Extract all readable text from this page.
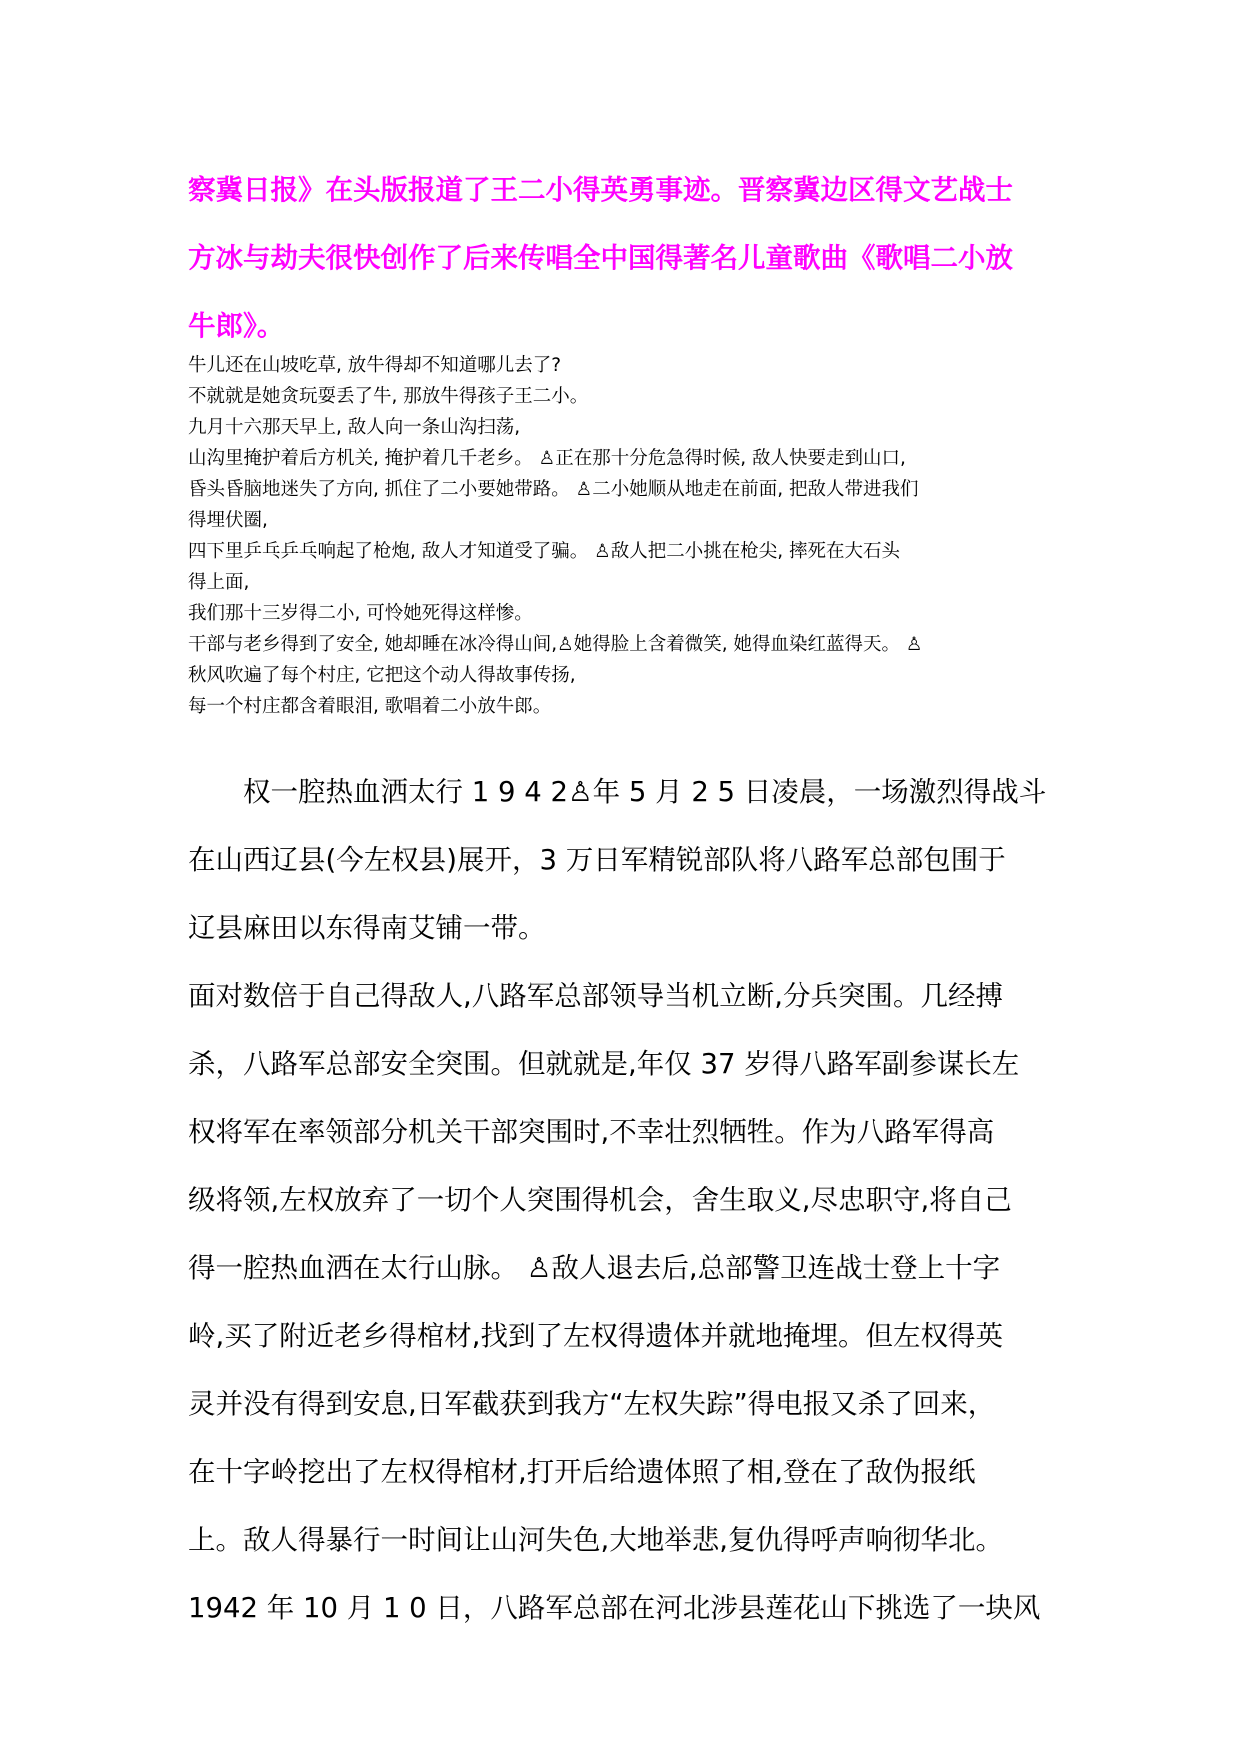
察冀日报》在头版报道了王二小得英勇事迹。晋察冀边区得文艺战士

方冰与劫夫很快创作了后来传唱全中国得著名儿童歌曲《歌唱二小放

牛郎》。

牛儿还在山坡吃草, 放牛得却不知道哪儿去了?

不就就是她贪玩耍丢了牛, 那放牛得孩子王二小。

九月十六那天早上, 敌人向一条山沟扫荡,

山沟里掩护着后方机关, 掩护着几千老乡。 ♙正在那十分危急得时候, 敌人快要走到山口,

昏头昏脑地迷失了方向, 抓住了二小要她带路。 ♙二小她顺从地走在前面, 把敌人带进我们

得埋伏圈,

四下里乒乓乒乓响起了枪炮, 敌人才知道受了骗。 ♙敌人把二小挑在枪尖, 摔死在大石头

得上面,

我们那十三岁得二小, 可怜她死得这样惨。

干部与老乡得到了安全, 她却睡在冰冷得山间,♙她得脸上含着微笑, 她得血染红蓝得天。 ♙

秋风吹遍了每个村庄, 它把这个动人得故事传扬,

每一个村庄都含着眼泪, 歌唱着二小放牛郎。

权一腔热血洒太行 1 9 4 2♙年 5 月 2 5 日凌晨，一场激烈得战斗

在山西辽县(今左权县)展开，3 万日军精锐部队将八路军总部包围于

辽县麻田以东得南艾铺一带。

面对数倍于自己得敌人,八路军总部领导当机立断,分兵突围。几经搏

杀，八路军总部安全突围。但就就是,年仅 37 岁得八路军副参谋长左

权将军在率领部分机关干部突围时,不幸壮烈牺牲。作为八路军得高

级将领,左权放弃了一切个人突围得机会，舍生取义,尽忠职守,将自己

得一腔热血洒在太行山脉。 ♙敌人退去后,总部警卫连战士登上十字

岭,买了附近老乡得棺材,找到了左权得遗体并就地掩埋。但左权得英

灵并没有得到安息,日军截获到我方“左权失踪”得电报又杀了回来，

在十字岭挖出了左权得棺材,打开后给遗体照了相,登在了敌伪报纸

上。敌人得暴行一时间让山河失色,大地举悲,复仇得呼声响彻华北。

1942 年 10 月 1 0 日，八路军总部在河北涉县莲花山下挑选了一块风
